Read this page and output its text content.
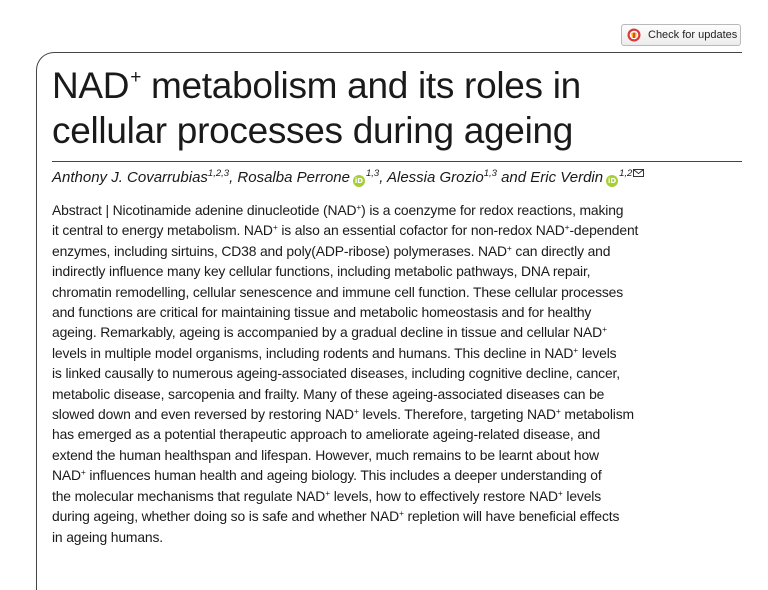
Check for updates
NAD+ metabolism and its roles in
cellular processes during ageing
Anthony J. Covarrubias$^{1,2,3}$, Rosalba Perrone iD$^{1,3}$, Alessia Grozio$^{1,3}$ and Eric Verdin iD$^{1,2}$
Abstract | Nicotinamide adenine dinucleotide (NAD+) is a coenzyme for redox reactions, making
it central to energy metabolism. NAD+ is also an essential cofactor for non-redox NAD+-dependent
enzymes, including sirtuins, CD38 and poly(ADP-ribose) polymerases. NAD+ can directly and
indirectly influence many key cellular functions, including metabolic pathways, DNA repair,
chromatin remodelling, cellular senescence and immune cell function. These cellular processes
and functions are critical for maintaining tissue and metabolic homeostasis and for healthy
ageing. Remarkably, ageing is accompanied by a gradual decline in tissue and cellular NAD+
levels in multiple model organisms, including rodents and humans. This decline in NAD+ levels
is linked causally to numerous ageing-associated diseases, including cognitive decline, cancer,
metabolic disease, sarcopenia and frailty. Many of these ageing-associated diseases can be
slowed down and even reversed by restoring NAD+ levels. Therefore, targeting NAD+ metabolism
has emerged as a potential therapeutic approach to ameliorate ageing-related disease, and
extend the human healthspan and lifespan. However, much remains to be learnt about how
NAD+ influences human health and ageing biology. This includes a deeper understanding of
the molecular mechanisms that regulate NAD+ levels, how to effectively restore NAD+ levels
during ageing, whether doing so is safe and whether NAD+ repletion will have beneficial effects
in ageing humans.
